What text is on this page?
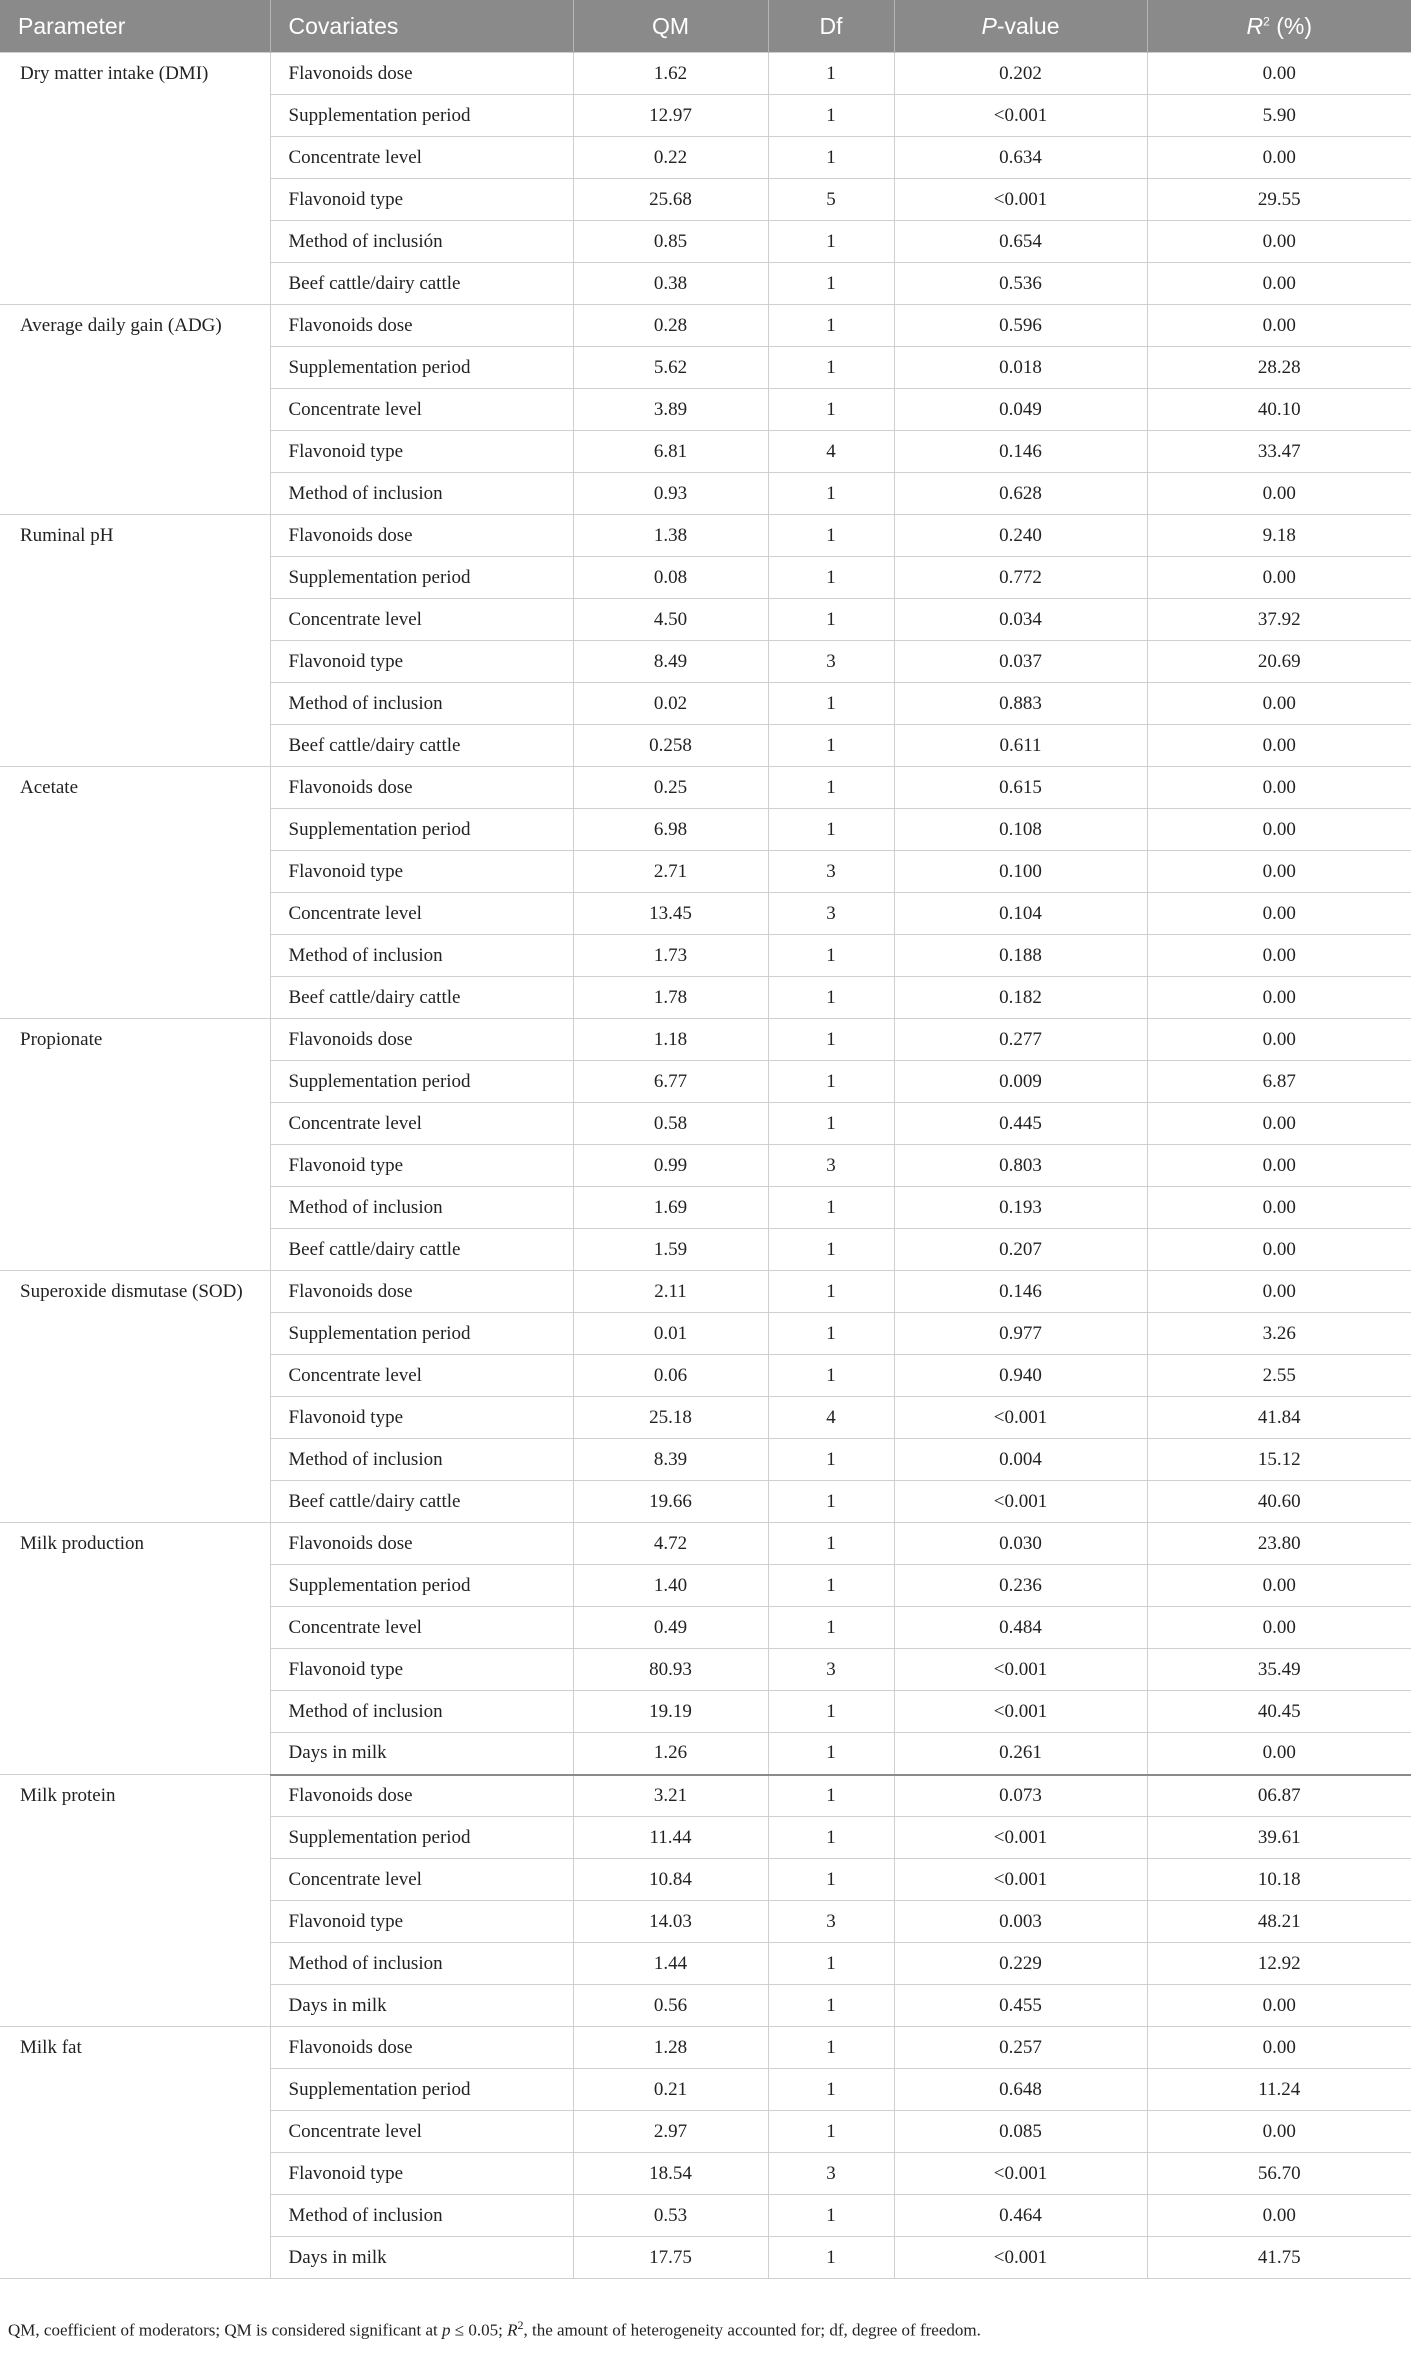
Parameter	Covariates	QM	Df	P-value	$R^2$ (%)
Dry matter intake (DMI)	Flavonoids dose	1.62	1	0.202	0.00
	Supplementation period	12.97	1	<0.001	5.90
	Concentrate level	0.22	1	0.634	0.00
	Flavonoid type	25.68	5	<0.001	29.55
	Method of inclusión	0.85	1	0.654	0.00
	Beef cattle/dairy cattle	0.38	1	0.536	0.00
Average daily gain (ADG)	Flavonoids dose	0.28	1	0.596	0.00
	Supplementation period	5.62	1	0.018	28.28
	Concentrate level	3.89	1	0.049	40.10
	Flavonoid type	6.81	4	0.146	33.47
	Method of inclusion	0.93	1	0.628	0.00
Ruminal pH	Flavonoids dose	1.38	1	0.240	9.18
	Supplementation period	0.08	1	0.772	0.00
	Concentrate level	4.50	1	0.034	37.92
	Flavonoid type	8.49	3	0.037	20.69
	Method of inclusion	0.02	1	0.883	0.00
	Beef cattle/dairy cattle	0.258	1	0.611	0.00
Acetate	Flavonoids dose	0.25	1	0.615	0.00
	Supplementation period	6.98	1	0.108	0.00
	Flavonoid type	2.71	3	0.100	0.00
	Concentrate level	13.45	3	0.104	0.00
	Method of inclusion	1.73	1	0.188	0.00
	Beef cattle/dairy cattle	1.78	1	0.182	0.00
Propionate	Flavonoids dose	1.18	1	0.277	0.00
	Supplementation period	6.77	1	0.009	6.87
	Concentrate level	0.58	1	0.445	0.00
	Flavonoid type	0.99	3	0.803	0.00
	Method of inclusion	1.69	1	0.193	0.00
	Beef cattle/dairy cattle	1.59	1	0.207	0.00
Superoxide dismutase (SOD)	Flavonoids dose	2.11	1	0.146	0.00
	Supplementation period	0.01	1	0.977	3.26
	Concentrate level	0.06	1	0.940	2.55
	Flavonoid type	25.18	4	<0.001	41.84
	Method of inclusion	8.39	1	0.004	15.12
	Beef cattle/dairy cattle	19.66	1	<0.001	40.60
Milk production	Flavonoids dose	4.72	1	0.030	23.80
	Supplementation period	1.40	1	0.236	0.00
	Concentrate level	0.49	1	0.484	0.00
	Flavonoid type	80.93	3	<0.001	35.49
	Method of inclusion	19.19	1	<0.001	40.45
	Days in milk	1.26	1	0.261	0.00
Milk protein	Flavonoids dose	3.21	1	0.073	06.87
	Supplementation period	11.44	1	<0.001	39.61
	Concentrate level	10.84	1	<0.001	10.18
	Flavonoid type	14.03	3	0.003	48.21
	Method of inclusion	1.44	1	0.229	12.92
	Days in milk	0.56	1	0.455	0.00
Milk fat	Flavonoids dose	1.28	1	0.257	0.00
	Supplementation period	0.21	1	0.648	11.24
	Concentrate level	2.97	1	0.085	0.00
	Flavonoid type	18.54	3	<0.001	56.70
	Method of inclusion	0.53	1	0.464	0.00
	Days in milk	17.75	1	<0.001	41.75
QM, coefficient of moderators; QM is considered significant at p ≤ 0.05; $R^2$, the amount of heterogeneity accounted for; df, degree of freedom.
